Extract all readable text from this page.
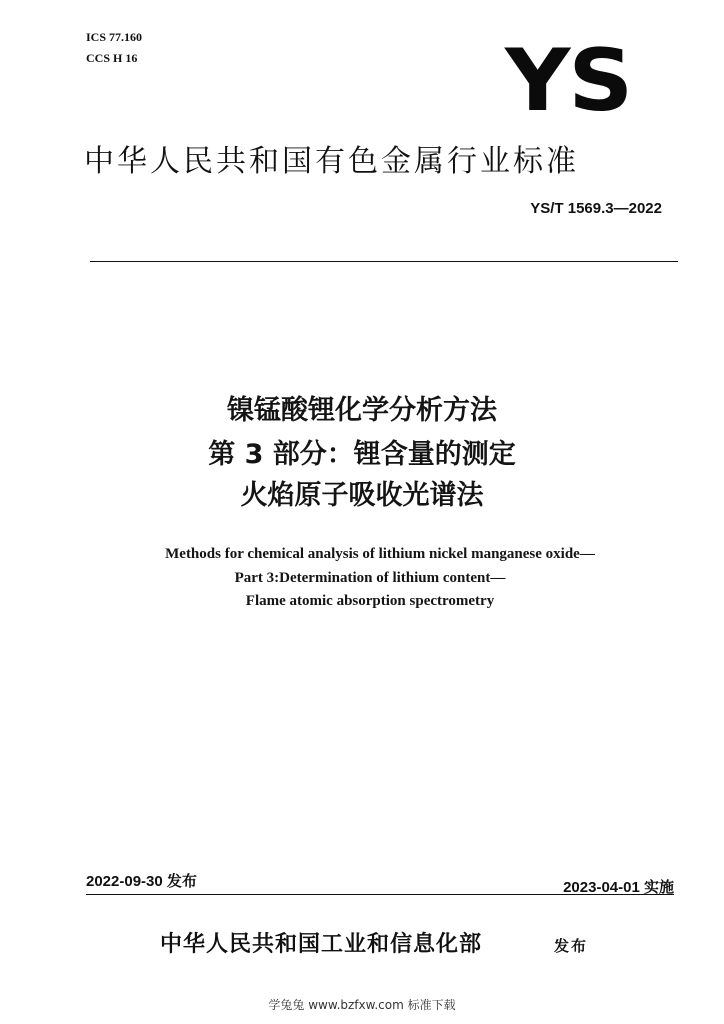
ICS 77.160
CCS H 16	YS
中华人民共和国有色金属行业标准
YS/T 1569.3—2022
镍锰酸锂化学分析方法
第 3 部分：锂含量的测定
火焰原子吸收光谱法
Methods for chemical analysis of lithium nickel manganese oxide—
Part 3:Determination of lithium content—
Flame atomic absorption spectrometry
2022-09-30 发布	2023-04-01 实施
中华人民共和国工业和信息化部	发布
学兔兔 www.bzfxw.com 标准下载
